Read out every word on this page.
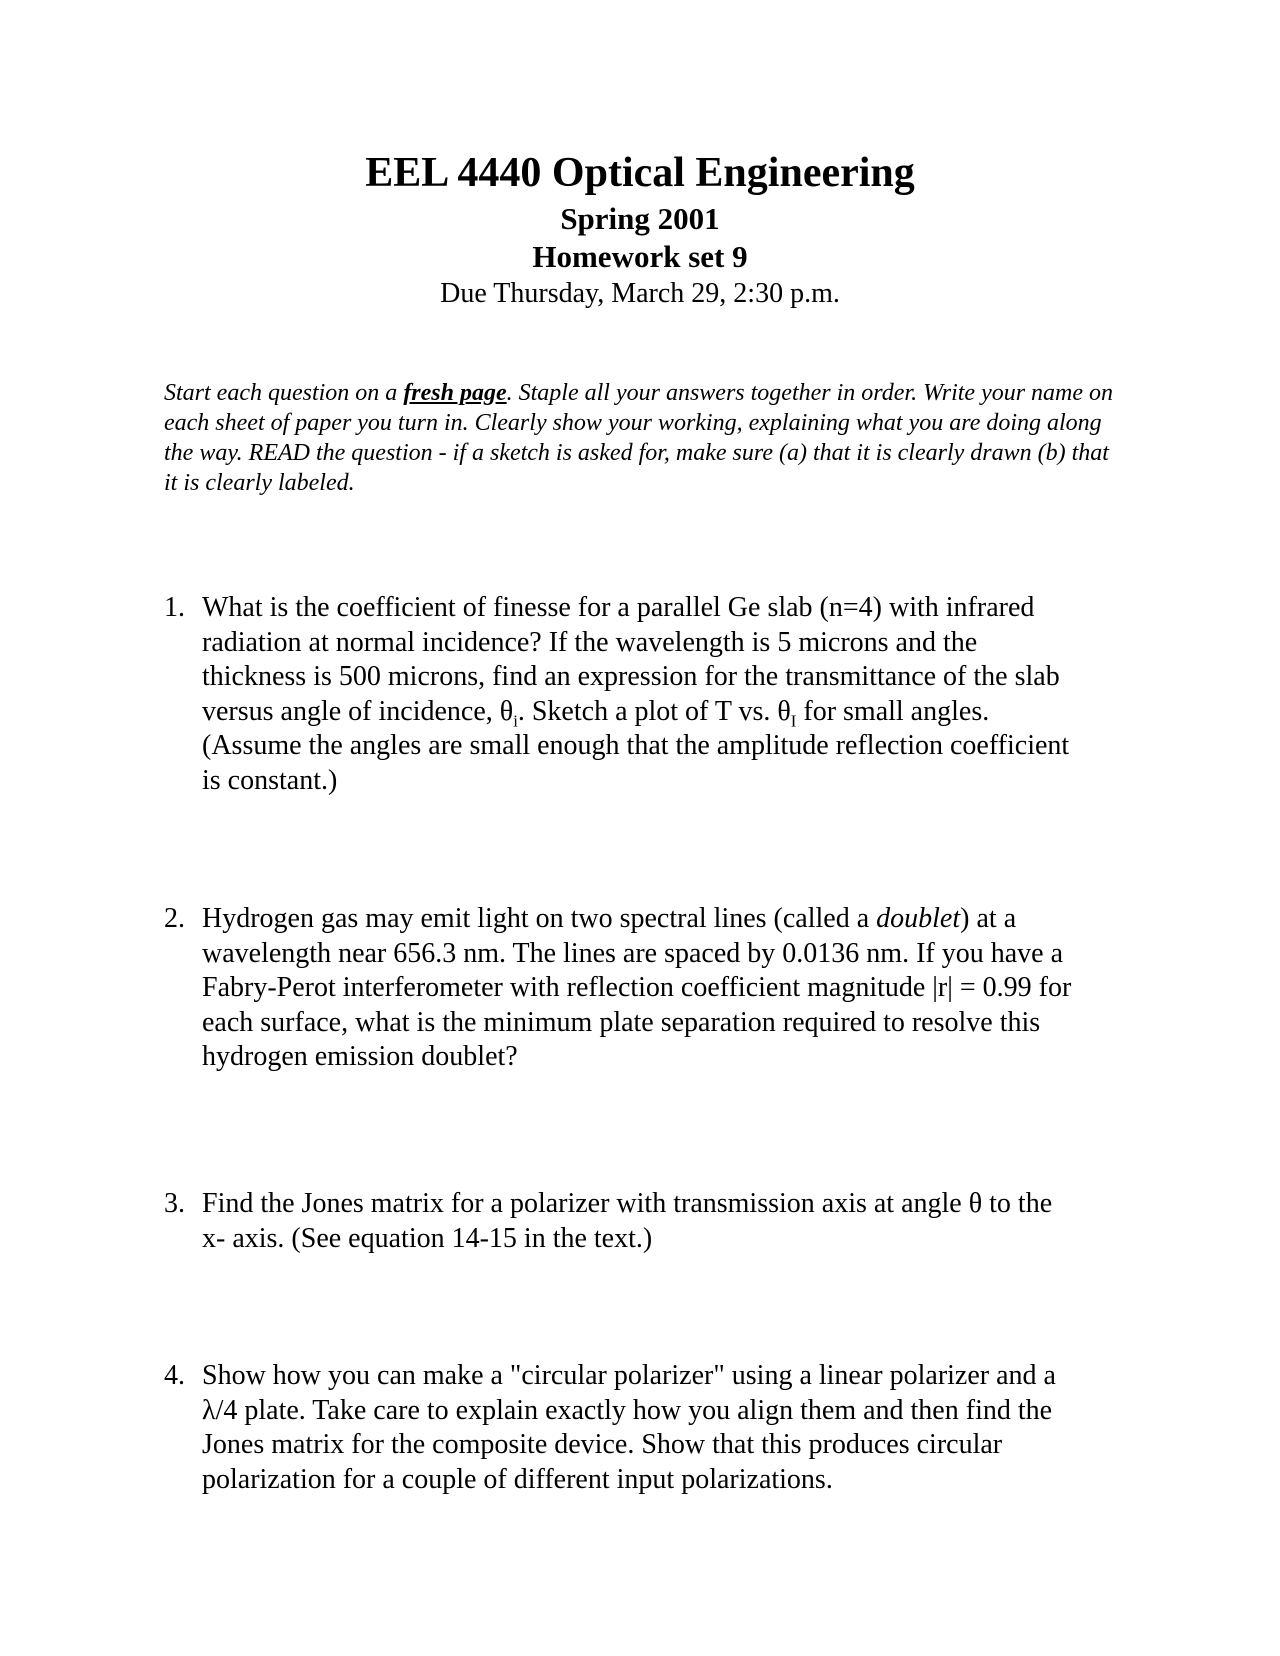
EEL 4440 Optical Engineering
Spring 2001
Homework set 9
Due Thursday, March 29, 2:30 p.m.

Start each question on a fresh page. Staple all your answers together in order. Write your name on each sheet of paper you turn in. Clearly show your working, explaining what you are doing along the way. READ the question - if a sketch is asked for, make sure (a) that it is clearly drawn (b) that it is clearly labeled.

1. What is the coefficient of finesse for a parallel Ge slab (n=4) with infrared
radiation at normal incidence? If the wavelength is 5 microns and the
thickness is 500 microns, find an expression for the transmittance of the slab
versus angle of incidence, $\theta_i$. Sketch a plot of T vs. $\theta_I$ for small angles.
(Assume the angles are small enough that the amplitude reflection coefficient
is constant.)
2. Hydrogen gas may emit light on two spectral lines (called a doublet) at a
wavelength near 656.3 nm. The lines are spaced by 0.0136 nm. If you have a
Fabry-Perot interferometer with reflection coefficient magnitude |r| = 0.99 for
each surface, what is the minimum plate separation required to resolve this
hydrogen emission doublet?
3. Find the Jones matrix for a polarizer with transmission axis at angle θ to the
x- axis. (See equation 14-15 in the text.)
4. Show how you can make a "circular polarizer" using a linear polarizer and a
λ/4 plate. Take care to explain exactly how you align them and then find the
Jones matrix for the composite device. Show that this produces circular
polarization for a couple of different input polarizations.
